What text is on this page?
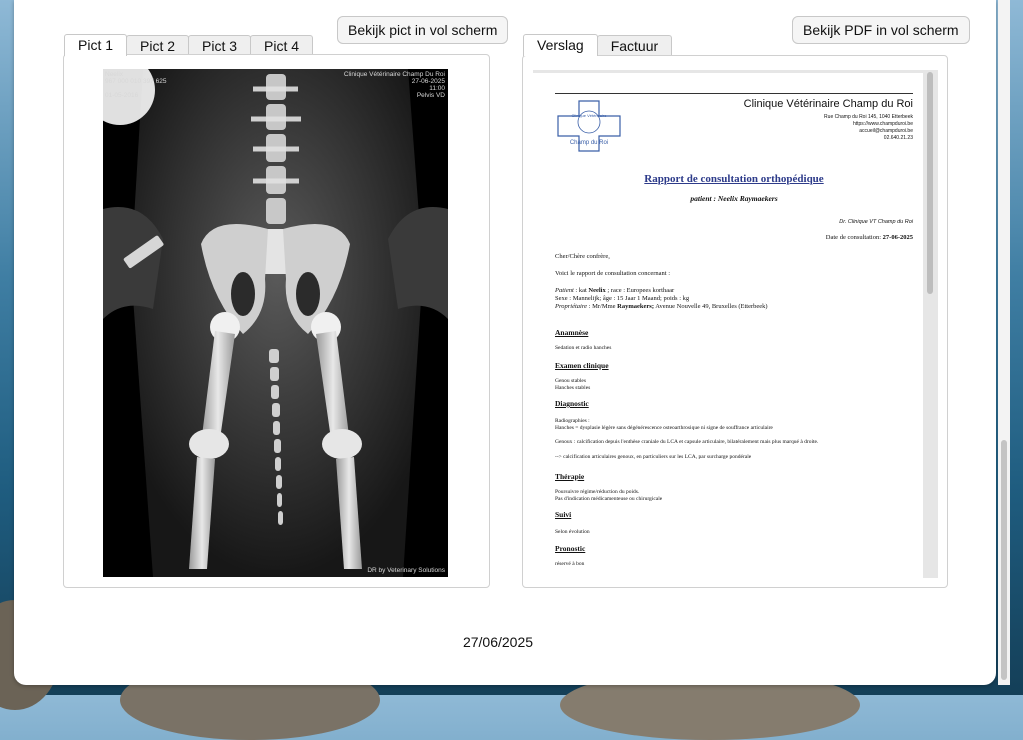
Bekijk pict in vol scherm
Pict 1	Pict 2	Pict 3	Pict 4
Neelix
967 000 010 397 625
01-05-2016
Clinique Vétérinaire Champ Du Roi
27-06-2025
11:00
Pelvis VD
DR by Veterinary Solutions
Bekijk PDF in vol scherm
Verslag	Factuur
Clinique Vétérinaire
Champ du Roi
Clinique Vétérinaire Champ du Roi
Rue Champ du Roi 145, 1040 Etterbeek
https://www.champduroi.be
accueil@champduroi.be
02.640.21.23
Rapport de consultation orthopédique
patient : Neelix Raymaekers
Dr. Clinique VT Champ du Roi
Date de consultation: 27-06-2025
Cher/Chère confrère,
Voici le rapport de consultation concernant :
Patient : kat Neelix ; race : Europees korthaar
Sexe : Mannelijk; âge : 15 Jaar 1 Maand; poids : kg
Propriétaire : Mr/Mme Raymaekers; Avenue Nouvelle 49, Bruxelles (Etterbeek)
Anamnèse
Sedation et radio hanches
Examen clinique
Genou stables
Hanches stables
Diagnostic
Radiographies :
Hanches = dysplasie légère sans dégénérescence osteoarthrosique ni signe de souffrance articulaire
Genoux : calcification depuis l'enthèse craniale du LCA et capsule articulaire, bilatéralement mais plus marqué à droite.
--> calcification articulaires genoux, en particuliers sur les LCA, par surcharge pondérale
Thérapie
Poursuivre régime/réduction du poids.
Pas d'indication médicamenteuse ou chirurgicale
Suivi
Selon évolution
Pronostic
réservé à bon
27/06/2025
